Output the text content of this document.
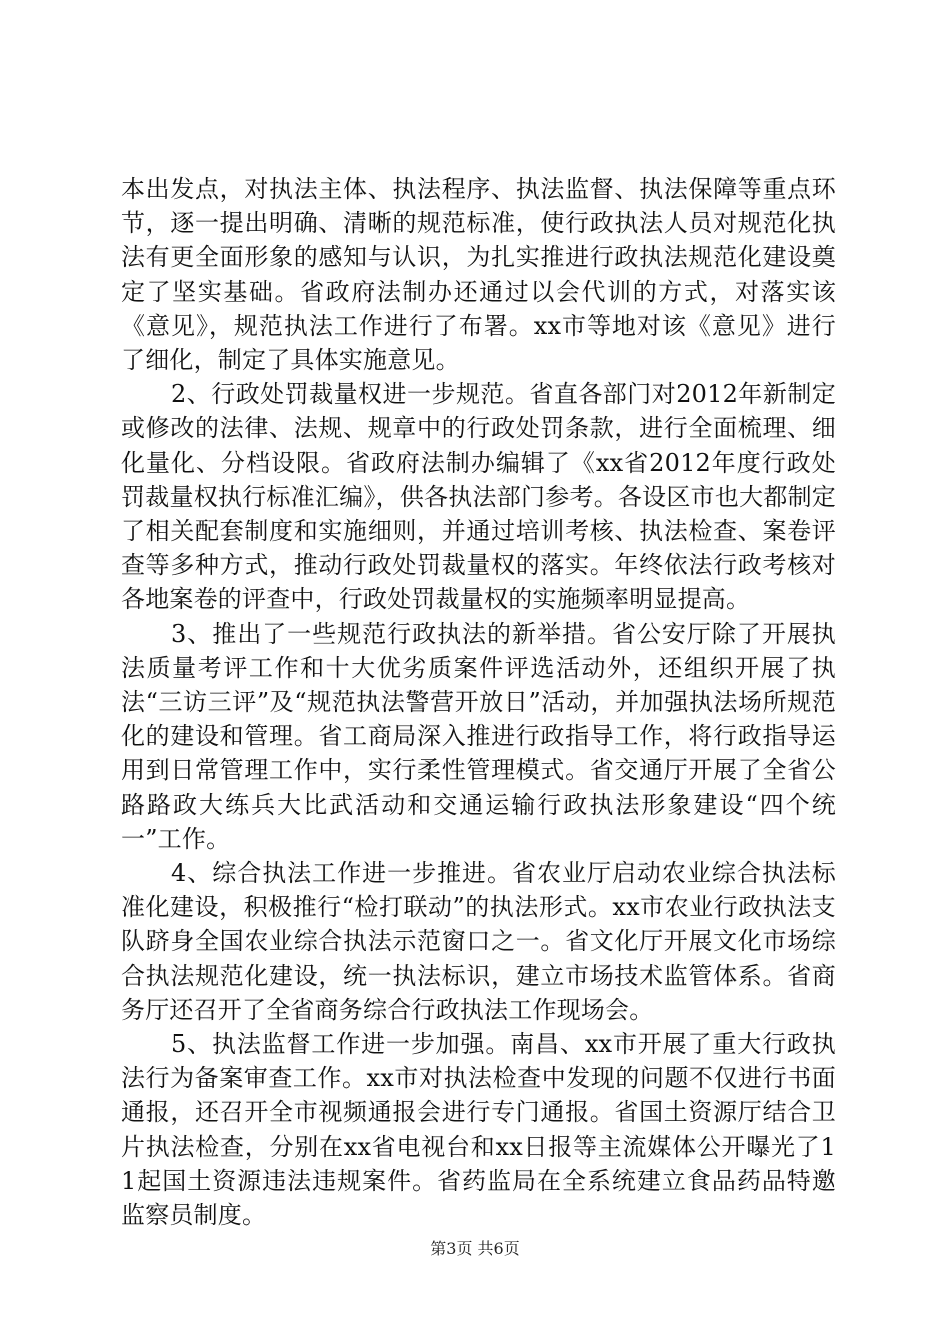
本出发点，对执法主体、执法程序、执法监督、执法保障等重点环节，逐一提出明确、清晰的规范标准，使行政执法人员对规范化执法有更全面形象的感知与认识，为扎实推进行政执法规范化建设奠定了坚实基础。省政府法制办还通过以会代训的方式，对落实该《意见》，规范执法工作进行了布署。xx市等地对该《意见》进行了细化，制定了具体实施意见。

2、行政处罚裁量权进一步规范。省直各部门对2012年新制定或修改的法律、法规、规章中的行政处罚条款，进行全面梳理、细化量化、分档设限。省政府法制办编辑了《xx省2012年度行政处罚裁量权执行标准汇编》，供各执法部门参考。各设区市也大都制定了相关配套制度和实施细则，并通过培训考核、执法检查、案卷评查等多种方式，推动行政处罚裁量权的落实。年终依法行政考核对各地案卷的评查中，行政处罚裁量权的实施频率明显提高。

3、推出了一些规范行政执法的新举措。省公安厅除了开展执法质量考评工作和十大优劣质案件评选活动外，还组织开展了执法“三访三评”及“规范执法警营开放日”活动，并加强执法场所规范化的建设和管理。省工商局深入推进行政指导工作，将行政指导运用到日常管理工作中，实行柔性管理模式。省交通厅开展了全省公路路政大练兵大比武活动和交通运输行政执法形象建设“四个统一”工作。

4、综合执法工作进一步推进。省农业厅启动农业综合执法标准化建设，积极推行“检打联动”的执法形式。xx市农业行政执法支队跻身全国农业综合执法示范窗口之一。省文化厅开展文化市场综合执法规范化建设，统一执法标识，建立市场技术监管体系。省商务厅还召开了全省商务综合行政执法工作现场会。

5、执法监督工作进一步加强。南昌、xx市开展了重大行政执法行为备案审查工作。xx市对执法检查中发现的问题不仅进行书面通报，还召开全市视频通报会进行专门通报。省国土资源厅结合卫片执法检查，分别在xx省电视台和xx日报等主流媒体公开曝光了11起国土资源违法违规案件。省药监局在全系统建立食品药品特邀监察员制度。

第3页 共6页
